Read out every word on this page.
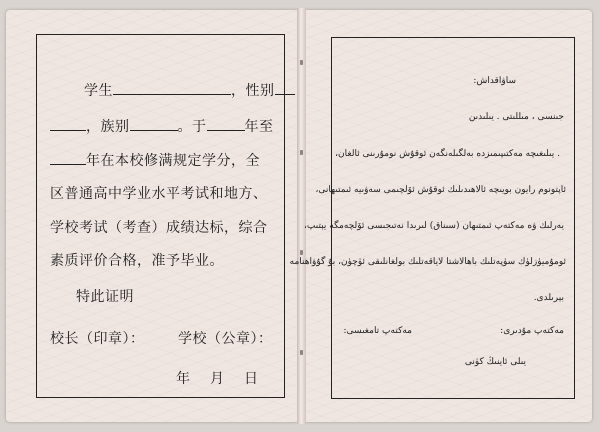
学生	，性别
，族别	。于	年至
年在本校修满规定学分，全
区普通高中学业水平考试和地方、
学校考试（考查）成绩达标，综合
素质评价合格，准予毕业。
特此证明
校长（印章）： 学校（公章）：
年 月 日
ساۋاقداش:
جىنسى ، مىللىتى . يىلىدىن
. يىلىغىچە مەكتىپىمىزدە بەلگىلەنگەن ئوقۇش نومۇرىنى ئالغان،
ئاپتونوم رايون بويىچە ئالاھىدىلىك ئوقۇش ئۆلچىمى سەۋىيە ئىمتىھانى،
يەرلىك ۋە مەكتەپ ئىمتىھان (سىناق) لىرىدا نەتىجىسى ئۆلچەمگە يېتىپ،
ئومۇميۈزلۈك سۈپەتلىك باھالاشتا لاياقەتلىك بولغانلىقى ئۈچۈن، بۇ گۇۋاھنامە
بېرىلدى.
مەكتەپ مۇدىرى:
مەكتەپ تامغىسى:
يىلى ئاينىڭ كۈنى
